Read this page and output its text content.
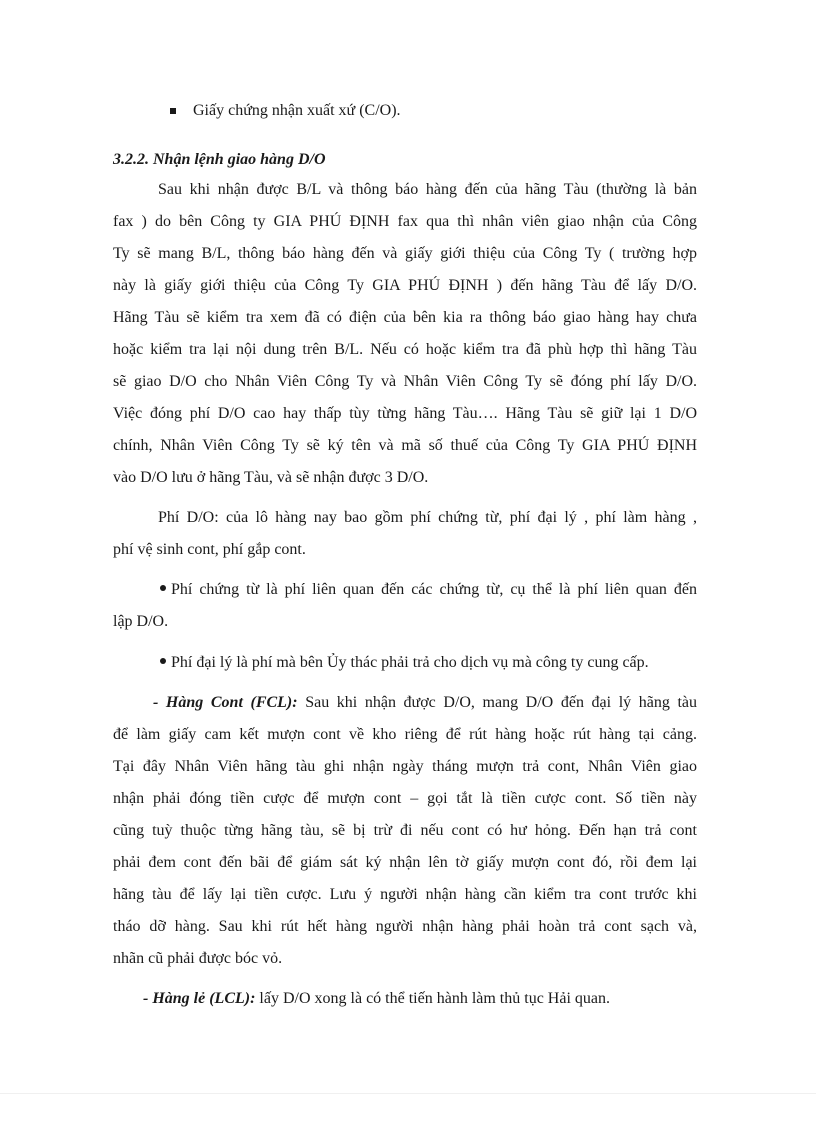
Giấy chứng nhận xuất xứ (C/O).
3.2.2. Nhận lệnh giao hàng D/O
Sau khi nhận được B/L và thông báo hàng đến của hãng Tàu (thường là bản
fax ) do bên Công ty GIA PHÚ ĐỊNH fax qua thì nhân viên giao nhận của Công
Ty sẽ mang B/L, thông báo hàng đến và giấy giới thiệu của Công Ty ( trường hợp
này là giấy giới thiệu của Công Ty GIA PHÚ ĐỊNH ) đến hãng Tàu để lấy D/O.
Hãng Tàu sẽ kiểm tra xem đã có điện của bên kia ra thông báo giao hàng hay chưa
hoặc kiểm tra lại nội dung trên B/L. Nếu có hoặc kiểm tra đã phù hợp thì hãng Tàu
sẽ giao D/O cho Nhân Viên Công Ty và Nhân Viên Công Ty sẽ đóng phí lấy D/O.
Việc đóng phí D/O cao hay thấp tùy từng hãng Tàu…. Hãng Tàu sẽ giữ lại 1 D/O
chính, Nhân Viên Công Ty sẽ ký tên và mã số thuế của Công Ty GIA PHÚ ĐỊNH
vào D/O lưu ở hãng Tàu, và sẽ nhận được 3 D/O.
Phí D/O: của lô hàng nay bao gồm phí chứng từ, phí đại lý , phí làm hàng ,
phí vệ sinh cont, phí gắp cont.
Phí chứng từ là phí liên quan đến các chứng từ, cụ thể là phí liên quan đến
lập D/O.
Phí đại lý là phí mà bên Ủy thác phải trả cho dịch vụ mà công ty cung cấp.
- Hàng Cont (FCL): Sau khi nhận được D/O, mang D/O đến đại lý hãng tàu
để làm giấy cam kết mượn cont về kho riêng để rút hàng hoặc rút hàng tại cảng.
Tại đây Nhân Viên hãng tàu ghi nhận ngày tháng mượn trả cont, Nhân Viên giao
nhận phải đóng tiền cược để mượn cont – gọi tắt là tiền cược cont. Số tiền này
cũng tuỳ thuộc từng hãng tàu, sẽ bị trừ đi nếu cont có hư hỏng. Đến hạn trả cont
phải đem cont đến bãi để giám sát ký nhận lên tờ giấy mượn cont đó, rồi đem lại
hãng tàu để lấy lại tiền cược. Lưu ý người nhận hàng cần kiểm tra cont trước khi
tháo dỡ hàng. Sau khi rút hết hàng người nhận hàng phải hoàn trả cont sạch và,
nhãn cũ phải được bóc vỏ.
- Hàng lẻ (LCL): lấy D/O xong là có thể tiến hành làm thủ tục Hải quan.
